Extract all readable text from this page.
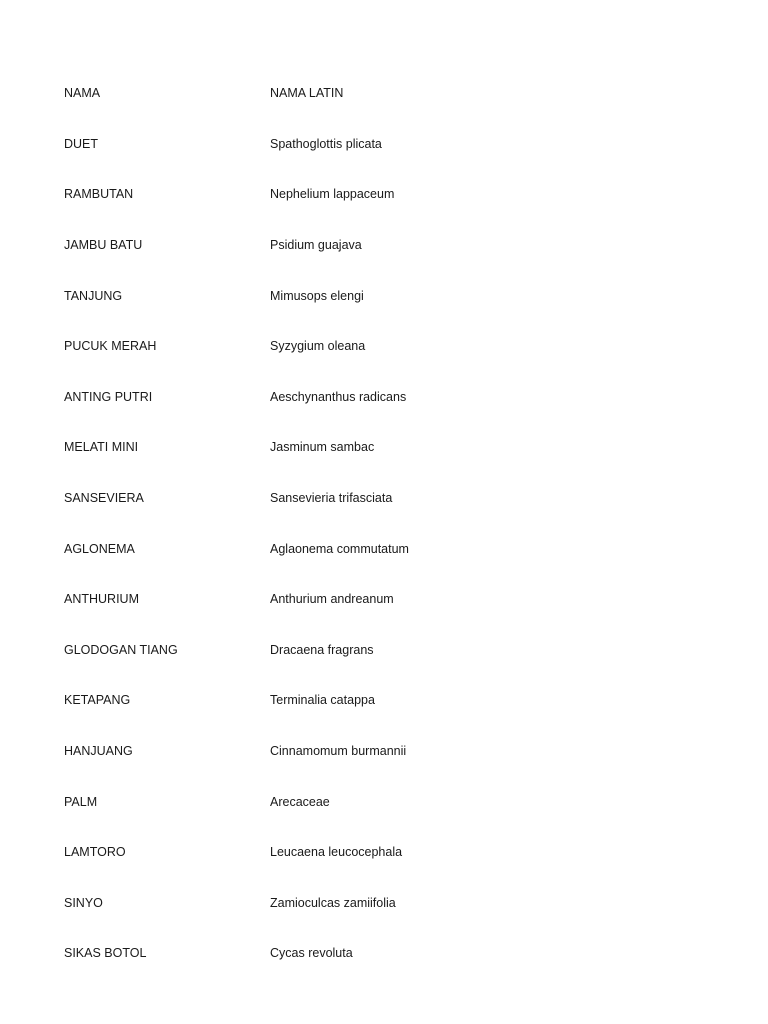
NAMA	NAMA LATIN
DUET	Spathoglottis plicata
RAMBUTAN	Nephelium lappaceum
JAMBU BATU	Psidium guajava
TANJUNG	Mimusops elengi
PUCUK MERAH	Syzygium oleana
ANTING PUTRI	Aeschynanthus radicans
MELATI MINI	Jasminum sambac
SANSEVIERA	Sansevieria trifasciata
AGLONEMA	Aglaonema commutatum
ANTHURIUM	Anthurium andreanum
GLODOGAN TIANG	Dracaena fragrans
KETAPANG	Terminalia catappa
HANJUANG	Cinnamomum burmannii
PALM	Arecaceae
LAMTORO	Leucaena leucocephala
SINYO	Zamioculcas zamiifolia
SIKAS BOTOL	Cycas revoluta
